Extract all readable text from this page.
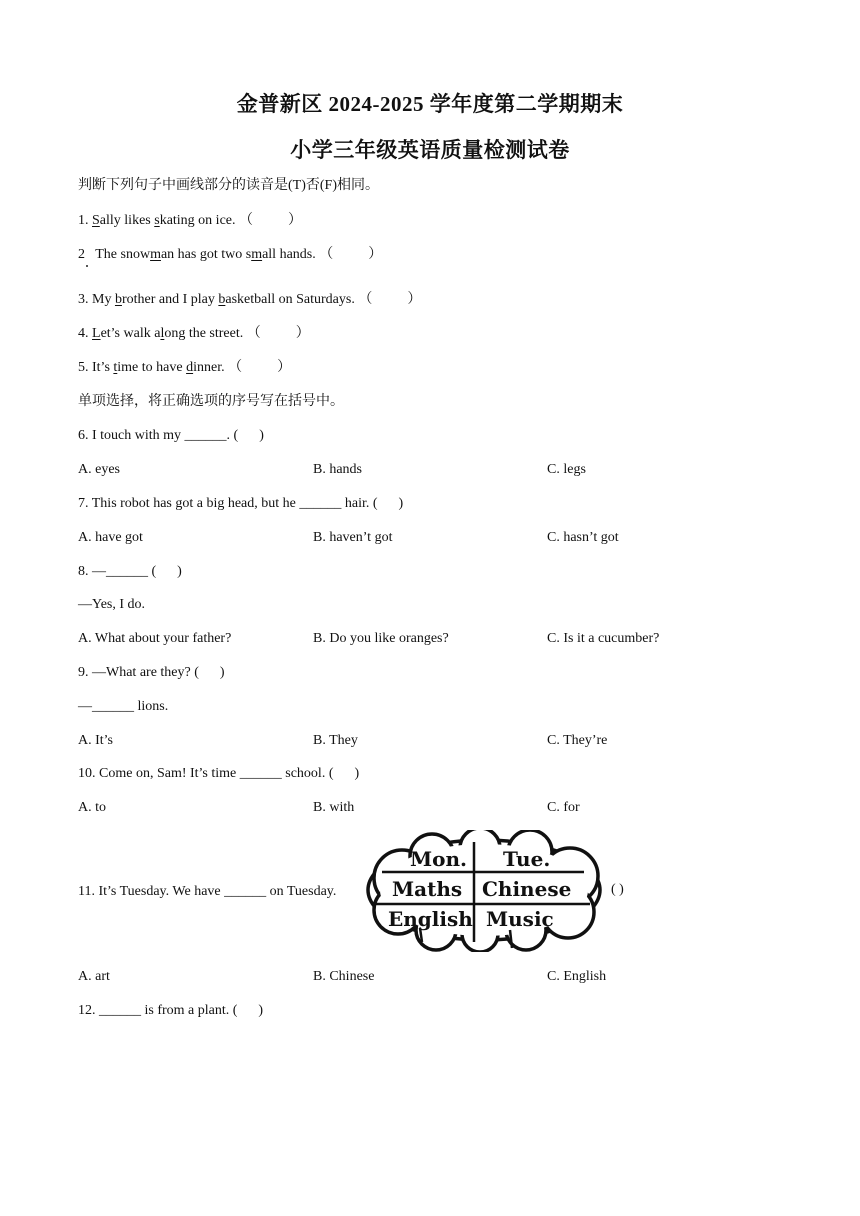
金普新区 2024-2025 学年度第二学期期末
小学三年级英语质量检测试卷
判断下列句子中画线部分的读音是(T)否(F)相同。
1. Sally likes skating on ice. （          ）
2   The snowman has got two small hands. （          ）
3. My brother and I play basketball on Saturdays. （          ）
4. Let’s walk along the street. （          ）
5. It’s time to have dinner. （          ）
单项选择，将正确选项的序号写在括号中。
6. I touch with my ______. (      )
A. eyes	B. hands	C. legs
7. This robot has got a big head, but he ______ hair. (      )
A. have got	B. haven’t got	C. hasn’t got
8. —______ (      )
—Yes, I do.
A. What about your father?	B. Do you like oranges?	C. Is it a cucumber?
9. —What are they? (      )
—______ lions.
A. It’s	B. They	C. They’re
10. Come on, Sam! It’s time ______ school. (      )
A. to	B. with	C. for
11. It’s Tuesday. We have ______ on Tuesday.
Mon. Tue.
Maths Chinese
English Music
( )
A. art	B. Chinese	C. English
12. ______ is from a plant. (      )
